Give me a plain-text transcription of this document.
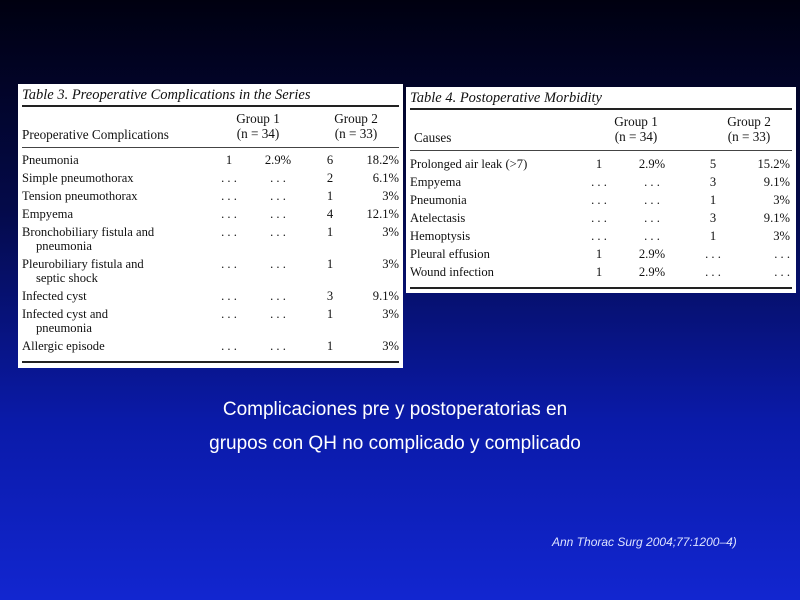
Table 3. Preoperative Complications in the Series
Preoperative Complications
Group 1
(n = 34)
Group 2
(n = 33)
Pneumonia	1	2.9%	6	18.2%
Simple pneumothorax	. . .	. . .	2	6.1%
Tension pneumothorax	. . .	. . .	1	3%
Empyema	. . .	. . .	4	12.1%
Bronchobiliary fistula and
pneumonia
. . .	. . .	1	3%
Pleurobiliary fistula and
septic shock
. . .	. . .	1	3%
Infected cyst	. . .	. . .	3	9.1%
Infected cyst and
pneumonia
. . .	. . .	1	3%
Allergic episode	. . .	. . .	1	3%
Table 4. Postoperative Morbidity
Causes
Group 1
(n = 34)
Group 2
(n = 33)
Prolonged air leak (>7)	1	2.9%	5	15.2%
Empyema	. . .	. . .	3	9.1%
Pneumonia	. . .	. . .	1	3%
Atelectasis	. . .	. . .	3	9.1%
Hemoptysis	. . .	. . .	1	3%
Pleural effusion	1	2.9%	. . .	. . .
Wound infection	1	2.9%	. . .	. . .
Complicaciones pre y postoperatorias en
grupos con QH no complicado y complicado
Ann Thorac Surg 2004;77:1200–4)
